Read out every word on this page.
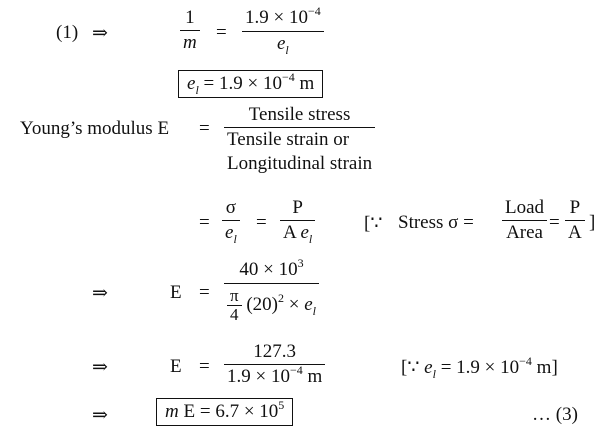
(1) ⇒	$\frac{1}{m} = \frac{1.9 \times 10^{-4}}{e_l}$
$e_l = 1.9 \times 10^{-4}$ m
Young’s modulus E =
Tensile stress
Tensile strain or
Longitudinal strain
= $\frac{\sigma}{e_l} = \frac{P}{A e_l}$	[∵ Stress $\sigma = \frac{\text{Load}}{\text{Area}} = \frac{P}{A}$ ]
⇒	$E = \frac{40 \times 10^3}{\frac{\pi}{4} (20)^2 \times e_l}$
⇒	$E = \frac{127.3}{1.9 \times 10^{-4} m}$	[∵ $e_l = 1.9 \times 10^{-4}$ m]
⇒	m $E = 6.7 \times 10^5$	… (3)
